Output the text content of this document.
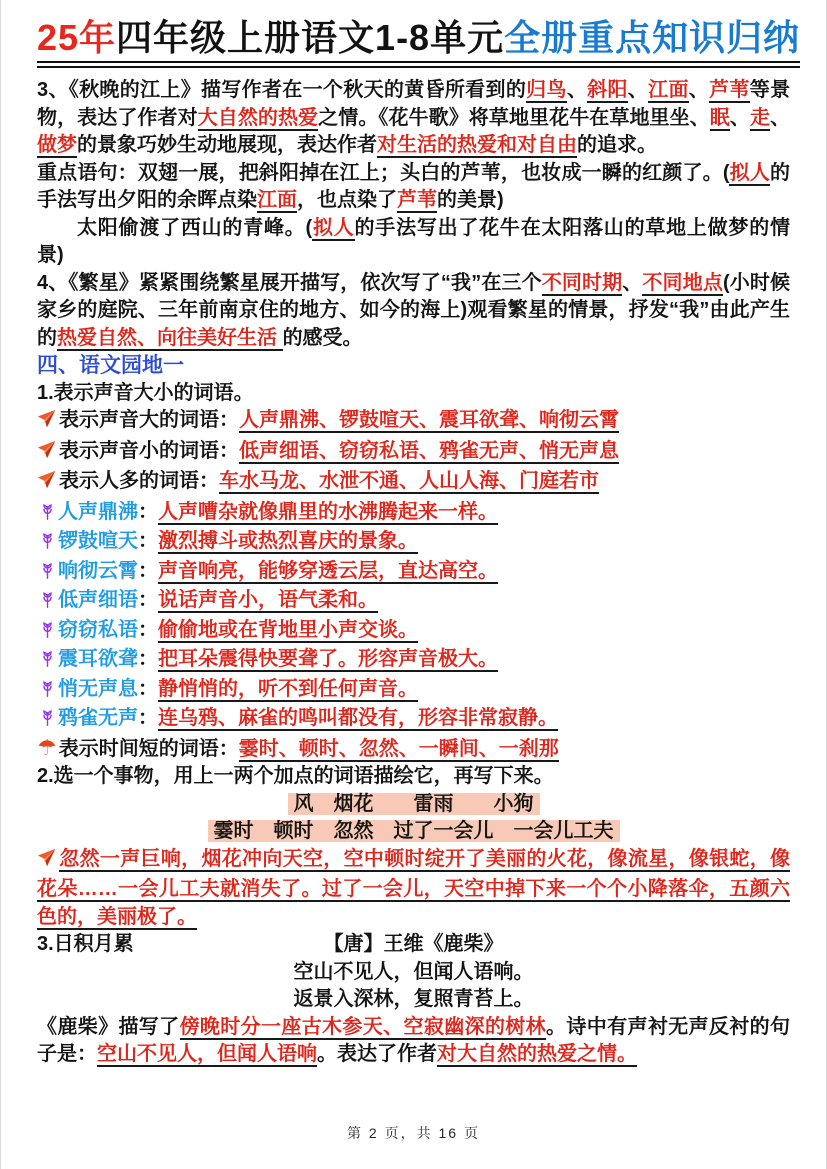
25年四年级上册语文1-8单元全册重点知识归纳

3、《秋晚的江上》描写作者在一个秋天的黄昏所看到的归鸟、斜阳、江面、芦苇等景物，表达了作者对大自然的热爱之情。《花牛歌》将草地里花牛在草地里坐、眠、走、做梦的景象巧妙生动地展现，表达作者对生活的热爱和对自由的追求。

重点语句：双翅一展，把斜阳掉在江上；头白的芦苇，也妆成一瞬的红颜了。(拟人的手法写出夕阳的余晖点染江面，也点染了芦苇的美景)

太阳偷渡了西山的青峰。(拟人的手法写出了花牛在太阳落山的草地上做梦的情景)

4、《繁星》紧紧围绕繁星展开描写，依次写了“我”在三个不同时期、不同地点(小时候家乡的庭院、三年前南京住的地方、如今的海上)观看繁星的情景，抒发“我”由此产生的热爱自然、向往美好生活 的感受。

四、语文园地一

1.表示声音大小的词语。

表示声音大的词语：人声鼎沸、锣鼓喧天、震耳欲聋、响彻云霄

表示声音小的词语：低声细语、窃窃私语、鸦雀无声、悄无声息

表示人多的词语：车水马龙、水泄不通、人山人海、门庭若市

人声鼎沸：人声嘈杂就像鼎里的水沸腾起来一样。

锣鼓喧天：激烈搏斗或热烈喜庆的景象。

响彻云霄：声音响亮，能够穿透云层，直达高空。

低声细语：说话声音小，语气柔和。

窃窃私语：偷偷地或在背地里小声交谈。

震耳欲聋：把耳朵震得快要聋了。形容声音极大。

悄无声息：静悄悄的，听不到任何声音。

鸦雀无声：连乌鸦、麻雀的鸣叫都没有，形容非常寂静。

☂ 表示时间短的词语：霎时、顿时、忽然、一瞬间、一刹那

2.选一个事物，用上一两个加点的词语描绘它，再写下来。

风　烟花　　雷雨　　小狗
霎时　顿时　忽然　过了一会儿　一会儿工夫

忽然一声巨响，烟花冲向天空，空中顿时绽开了美丽的火花，像流星，像银蛇，像花朵……一会儿工夫就消失了。过了一会儿，天空中掉下来一个个小降落伞，五颜六色的，美丽极了。

3.日积月累	【唐】王维《鹿柴》
空山不见人，但闻人语响。
返景入深林，复照青苔上。

《鹿柴》描写了傍晚时分一座古木参天、空寂幽深的树林。诗中有声衬无声反衬的句子是：空山不见人，但闻人语响。表达了作者对大自然的热爱之情。

第 2 页，共 16 页
